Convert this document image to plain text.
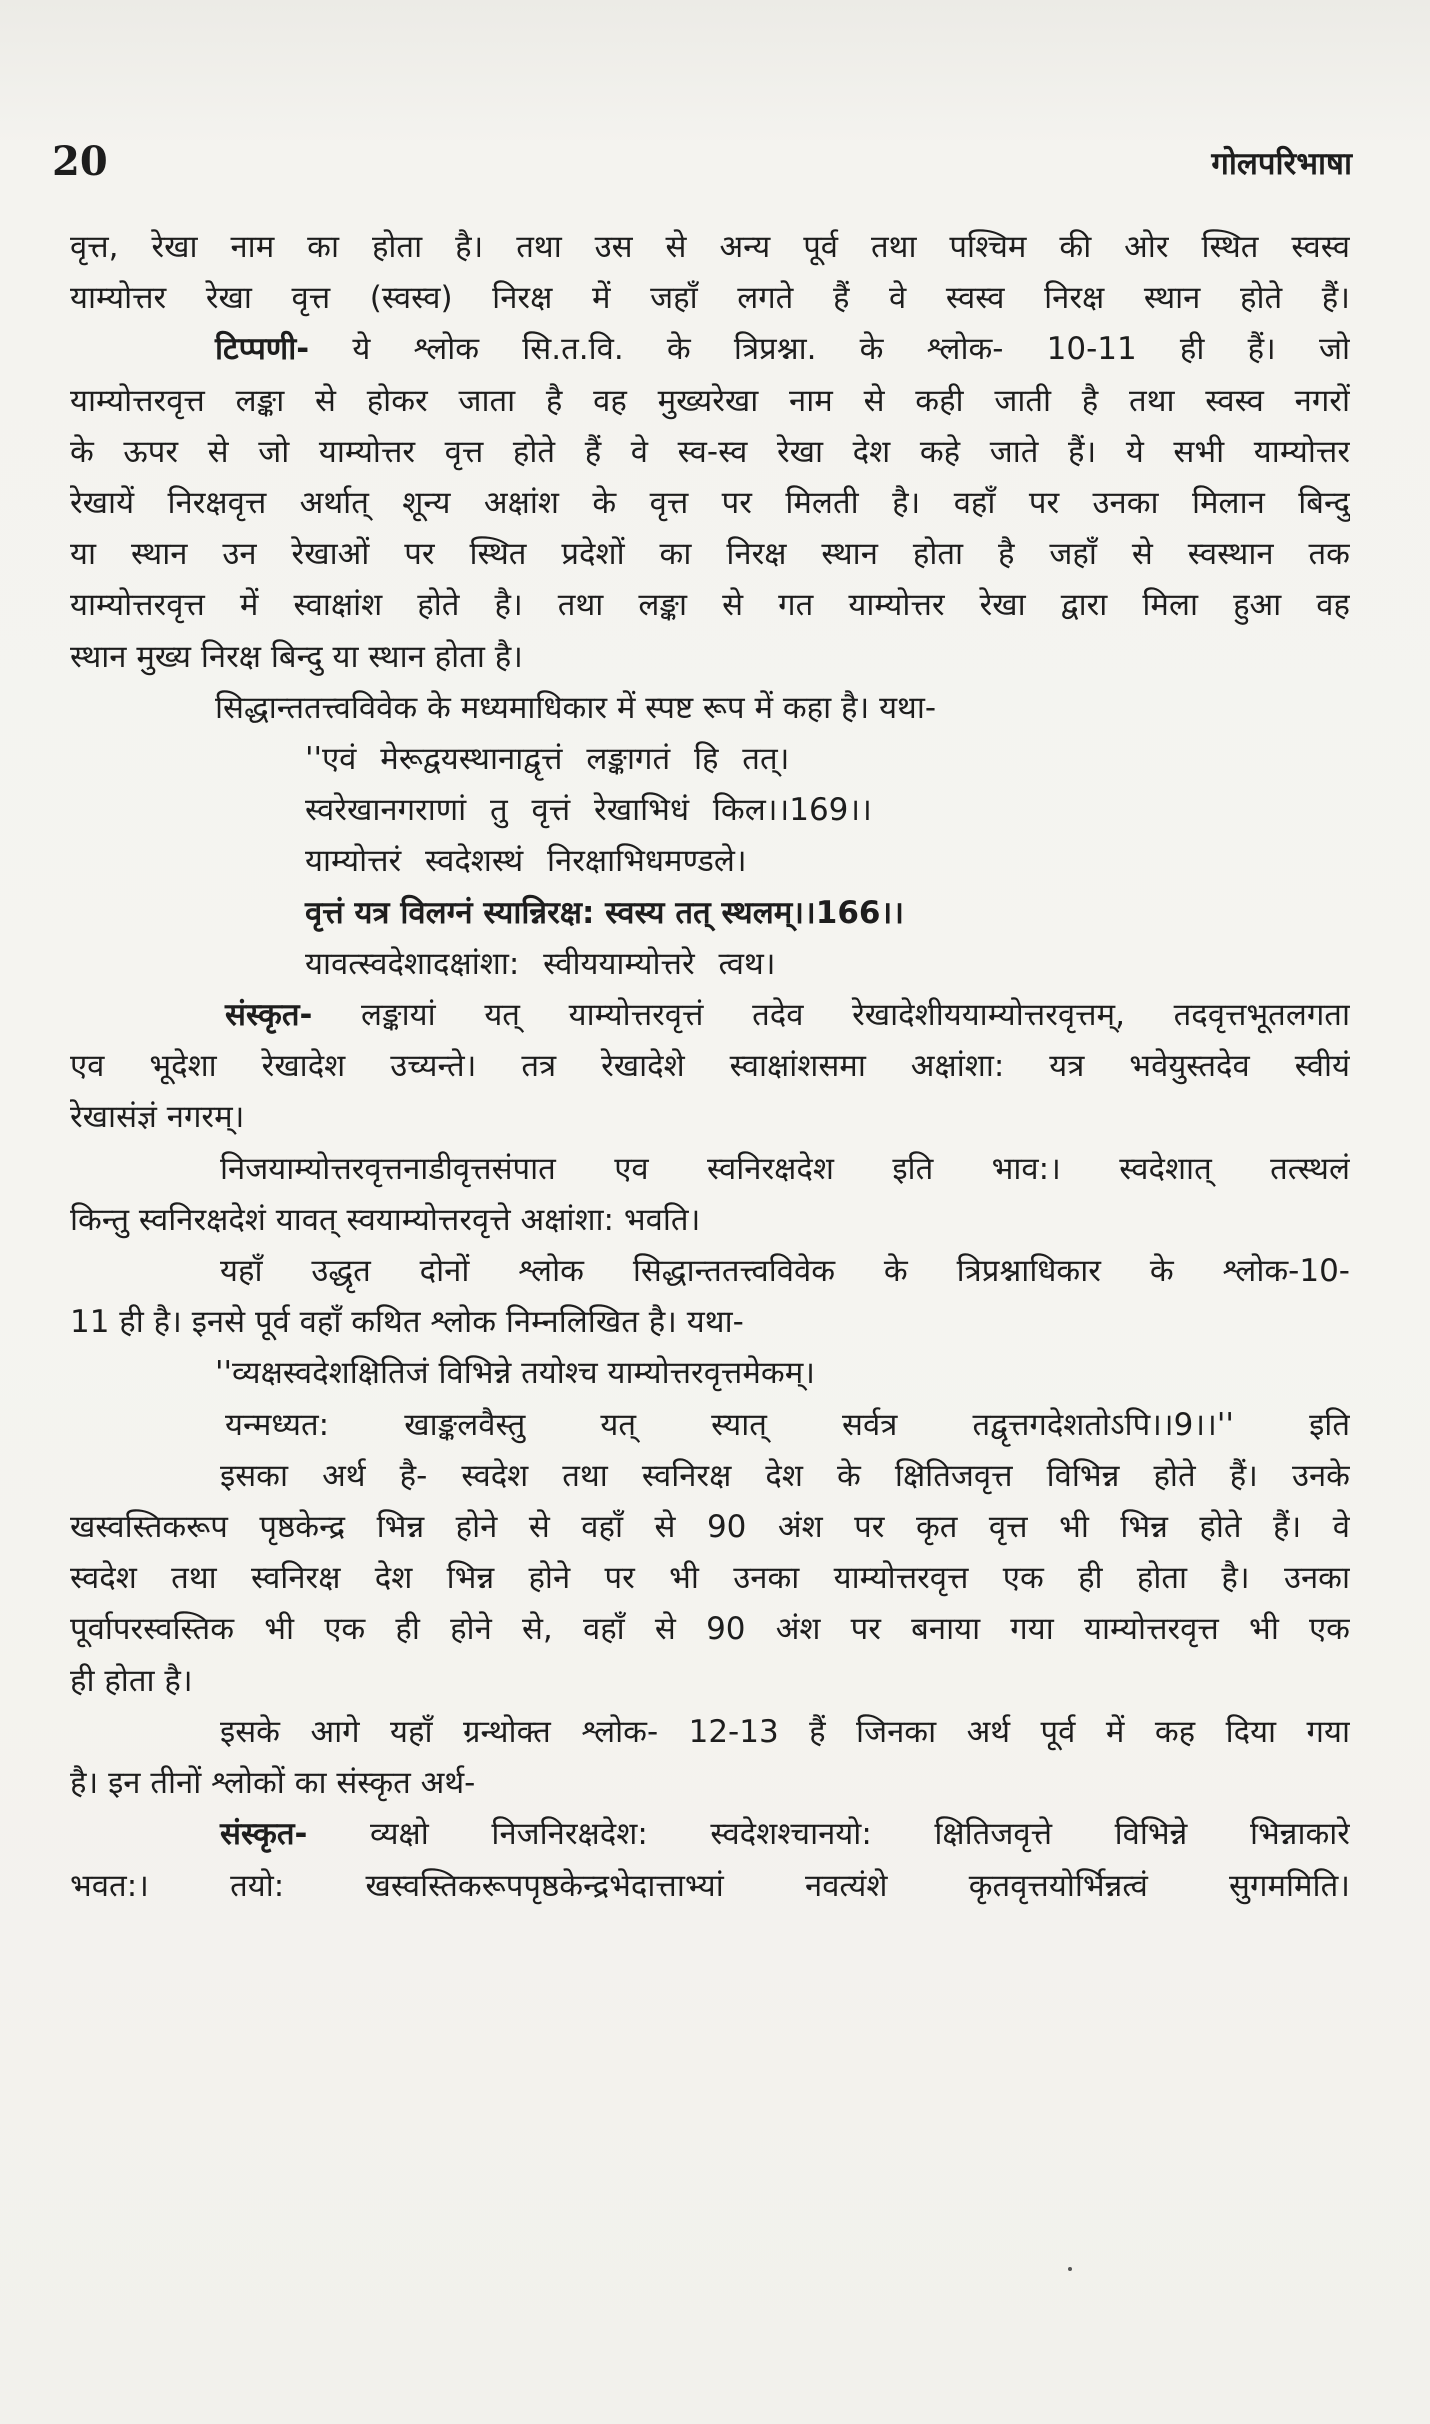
20	गोलपरिभाषा

वृत्त, रेखा नाम का होता है। तथा उस से अन्य पूर्व तथा पश्चिम की ओर स्थित स्वस्व

याम्योत्तर रेखा वृत्त (स्वस्व) निरक्ष में जहाँ लगते हैं वे स्वस्व निरक्ष स्थान होते हैं।

टिप्पणी- ये श्लोक सि.त.वि. के त्रिप्रश्ना. के श्लोक- 10-11 ही हैं। जो

याम्योत्तरवृत्त लङ्का से होकर जाता है वह मुख्यरेखा नाम से कही जाती है तथा स्वस्व नगरों

के ऊपर से जो याम्योत्तर वृत्त होते हैं वे स्व-स्व रेखा देश कहे जाते हैं। ये सभी याम्योत्तर

रेखायें निरक्षवृत्त अर्थात् शून्य अक्षांश के वृत्त पर मिलती है। वहाँ पर उनका मिलान बिन्दु

या स्थान उन रेखाओं पर स्थित प्रदेशों का निरक्ष स्थान होता है जहाँ से स्वस्थान तक

याम्योत्तरवृत्त में स्वाक्षांश होते है। तथा लङ्का से गत याम्योत्तर रेखा द्वारा मिला हुआ वह

स्थान मुख्य निरक्ष बिन्दु या स्थान होता है।

सिद्धान्ततत्त्वविवेक के मध्यमाधिकार में स्पष्ट रूप में कहा है। यथा-

''एवं मेरूद्वयस्थानाद्वृत्तं लङ्कागतं हि तत्।

स्वरेखानगराणां तु वृत्तं रेखाभिधं किल।।169।।

याम्योत्तरं स्वदेशस्थं निरक्षाभिधमण्डले।

वृत्तं यत्र विलग्नं स्यान्निरक्ष: स्वस्य तत् स्थलम्।।166।।

यावत्स्वदेशादक्षांशा: स्वीययाम्योत्तरे त्वथ।

संस्कृत- लङ्कायां यत् याम्योत्तरवृत्तं तदेव रेखादेशीययाम्योत्तरवृत्तम्, तदवृत्तभूतलगता

एव भूदेशा रेखादेश उच्यन्ते। तत्र रेखादेशे स्वाक्षांशसमा अक्षांशा: यत्र भवेयुस्तदेव स्वीयं

रेखासंज्ञं नगरम्।

निजयाम्योत्तरवृत्तनाडीवृत्तसंपात एव स्वनिरक्षदेश इति भाव:। स्वदेशात् तत्स्थलं

किन्तु स्वनिरक्षदेशं यावत् स्वयाम्योत्तरवृत्ते अक्षांशा: भवति।

यहाँ उद्धृत दोनों श्लोक सिद्धान्ततत्त्वविवेक के त्रिप्रश्नाधिकार के श्लोक-10-

11 ही है। इनसे पूर्व वहाँ कथित श्लोक निम्नलिखित है। यथा-

''व्यक्षस्वदेशक्षितिजं विभिन्ने तयोश्च याम्योत्तरवृत्तमेकम्।

यन्मध्यत: खाङ्कलवैस्तु यत् स्यात् सर्वत्र तद्वृत्तगदेशतोऽपि।।9।।'' इति

इसका अर्थ है- स्वदेश तथा स्वनिरक्ष देश के क्षितिजवृत्त विभिन्न होते हैं। उनके

खस्वस्तिकरूप पृष्ठकेन्द्र भिन्न होने से वहाँ से 90 अंश पर कृत वृत्त भी भिन्न होते हैं। वे

स्वदेश तथा स्वनिरक्ष देश भिन्न होने पर भी उनका याम्योत्तरवृत्त एक ही होता है। उनका

पूर्वापरस्वस्तिक भी एक ही होने से, वहाँ से 90 अंश पर बनाया गया याम्योत्तरवृत्त भी एक

ही होता है।

इसके आगे यहाँ ग्रन्थोक्त श्लोक- 12-13 हैं जिनका अर्थ पूर्व में कह दिया गया

है। इन तीनों श्लोकों का संस्कृत अर्थ-

संस्कृत- व्यक्षो निजनिरक्षदेश: स्वदेशश्चानयो: क्षितिजवृत्ते विभिन्ने भिन्नाकारे

भवत:। तयो: खस्वस्तिकरूपपृष्ठकेन्द्रभेदात्ताभ्यां नवत्यंशे कृतवृत्तयोर्भिन्नत्वं सुगममिति।
